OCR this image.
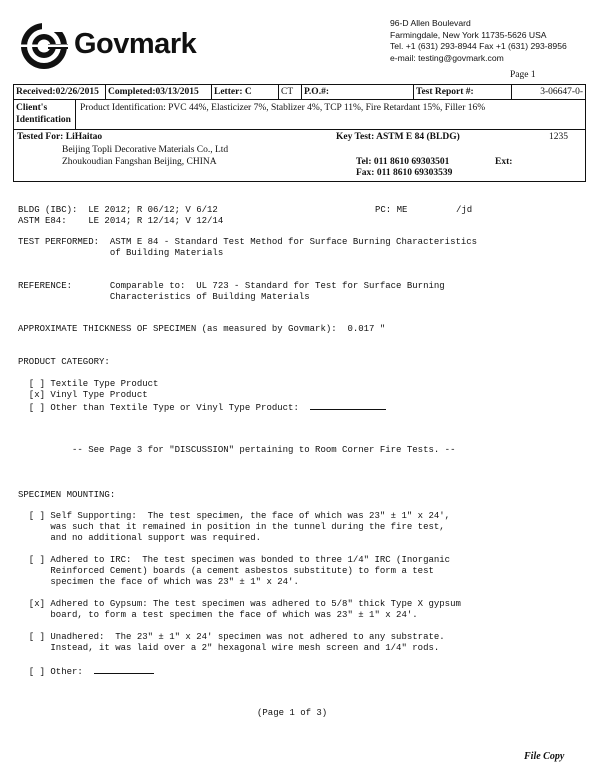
Govmark
96-D Allen Boulevard
Farmingdale, New York 11735-5626 USA
Tel. +1 (631) 293-8944 Fax +1 (631) 293-8956
e-mail: testing@govmark.com
Page 1
Received:02/26/2015 Completed:03/13/2015	Letter: C	CT	P.O.#:	Test Report #:	3-06647-0-
Client's Identification
Product Identification: PVC 44%, Elasticizer 7%, Stablizer 4%, TCP 11%, Fire Retardant 15%, Filler 16%
Tested For: LiHaitao
Beijing Topli Decorative Materials Co., Ltd
Zhoukoudian Fangshan Beijing, CHINA
Key Test: ASTM E 84 (BLDG)	1235
Tel: 011 8610 69303501	Ext:
Fax: 011 8610 69303539
BLDG (IBC):  LE 2012; R 06/12; V 6/12	PC: ME	/jd
ASTM E84:    LE 2014; R 12/14; V 12/14
TEST PERFORMED:  ASTM E 84 - Standard Test Method for Surface Burning Characteristics
of Building Materials
REFERENCE:       Comparable to:  UL 723 - Standard for Test for Surface Burning
Characteristics of Building Materials
APPROXIMATE THICKNESS OF SPECIMEN (as measured by Govmark):  0.017 "
PRODUCT CATEGORY:
[ ] Textile Type Product
[x] Vinyl Type Product
[ ] Other than Textile Type or Vinyl Type Product:
-- See Page 3 for "DISCUSSION" pertaining to Room Corner Fire Tests. --
SPECIMEN MOUNTING:
[ ] Self Supporting:  The test specimen, the face of which was 23" ± 1" x 24',
was such that it remained in position in the tunnel during the fire test,
and no additional support was required.
[ ] Adhered to IRC:  The test specimen was bonded to three 1/4" IRC (Inorganic
Reinforced Cement) boards (a cement asbestos substitute) to form a test
specimen the face of which was 23" ± 1" x 24'.
[x] Adhered to Gypsum: The test specimen was adhered to 5/8" thick Type X gypsum
board, to form a test specimen the face of which was 23" ± 1" x 24'.
[ ] Unadhered:  The 23" ± 1" x 24' specimen was not adhered to any substrate.
Instead, it was laid over a 2" hexagonal wire mesh screen and 1/4" rods.
[ ] Other:
(Page 1 of 3)
File Copy
